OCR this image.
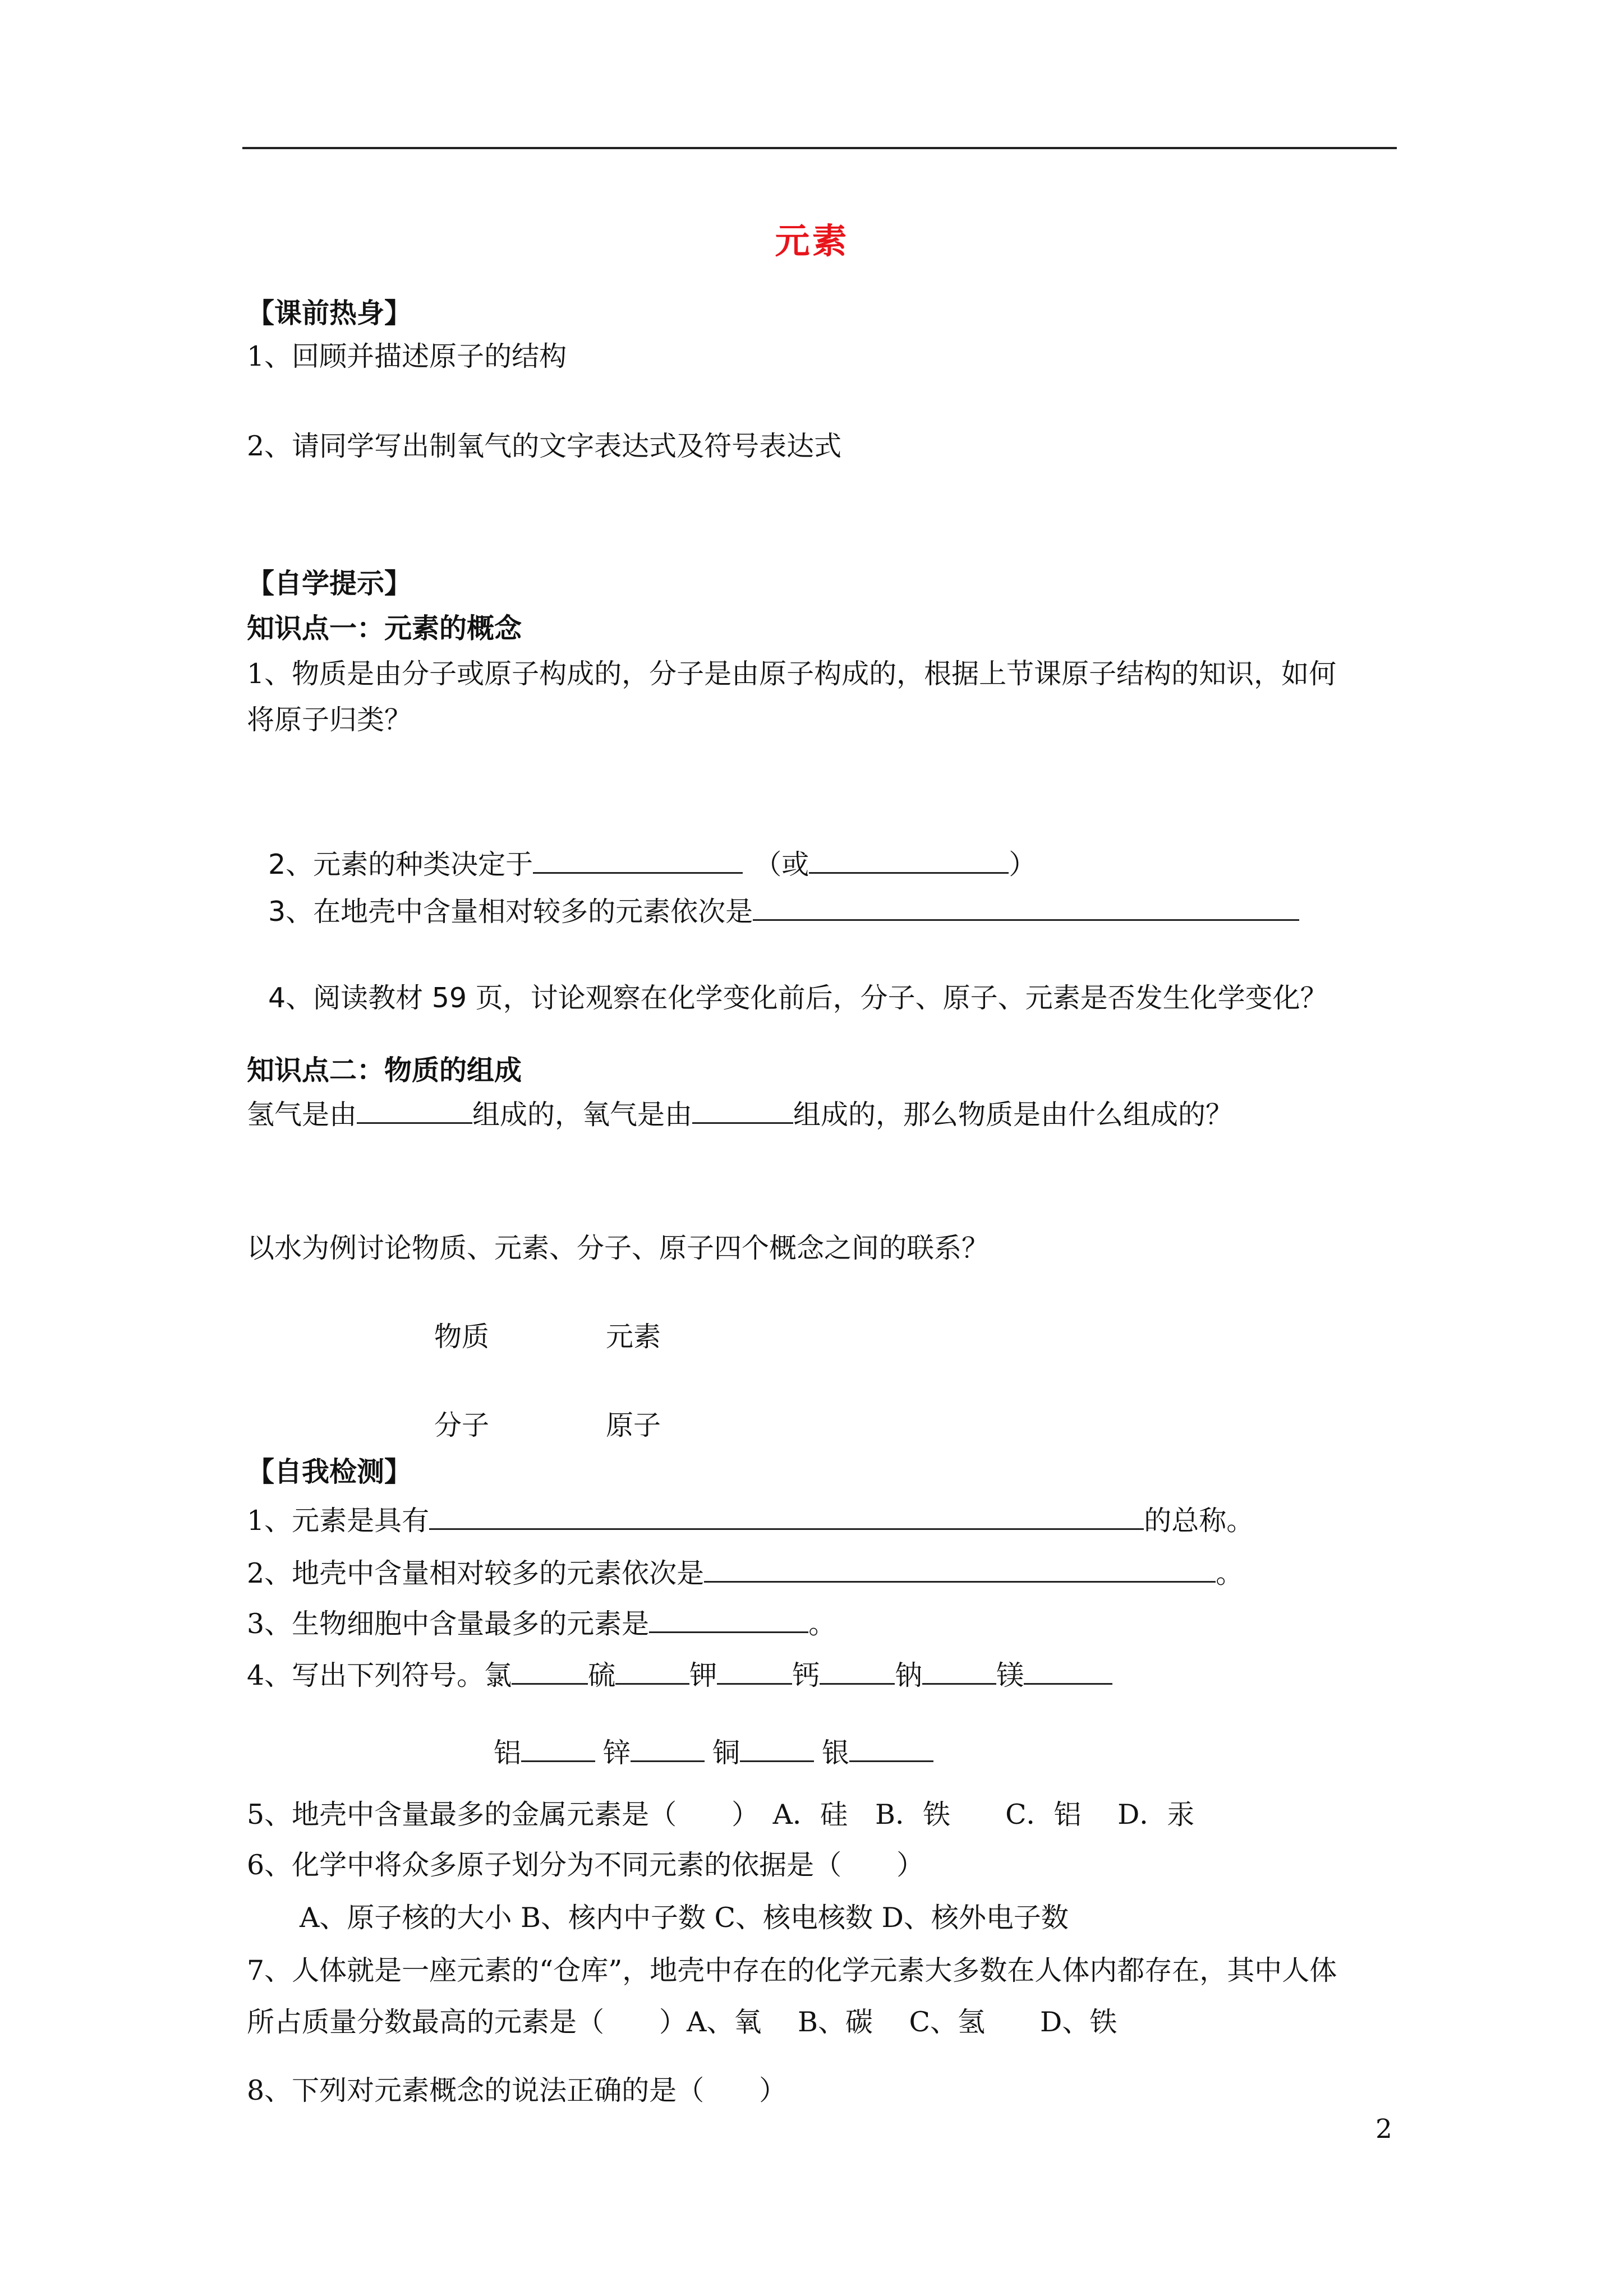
元素
【课前热身】
1、回顾并描述原子的结构
2、请同学写出制氧气的文字表达式及符号表达式
【自学提示】
知识点一：元素的概念
1、物质是由分子或原子构成的，分子是由原子构成的，根据上节课原子结构的知识，如何
将原子归类？
2、元素的种类决定于	（或	）
3、在地壳中含量相对较多的元素依次是
4、阅读教材 59 页，讨论观察在化学变化前后，分子、原子、元素是否发生化学变化？
知识点二：物质的组成
氢气是由	组成的，氧气是由	组成的，那么物质是由什么组成的？
以水为例讨论物质、元素、分子、原子四个概念之间的联系？
物质	元素
分子	原子
【自我检测】
1、元素是具有	的总称。
2、地壳中含量相对较多的元素依次是	。
3、生物细胞中含量最多的元素是	。
4、写出下列符号。氯	硫	钾	钙	钠	镁
铝	锌	铜	银
5、地壳中含量最多的金属元素是（　　）　A．硅　B．铁　　C．铝　 D．汞
6、化学中将众多原子划分为不同元素的依据是（　　）
A、原子核的大小 B、核内中子数 C、核电核数 D、核外电子数
7、人体就是一座元素的“仓库”，地壳中存在的化学元素大多数在人体内都存在，其中人体
所占质量分数最高的元素是（　　）A、氧　 B、碳　 C、氢　　D、铁
8、下列对元素概念的说法正确的是（　　）
2
